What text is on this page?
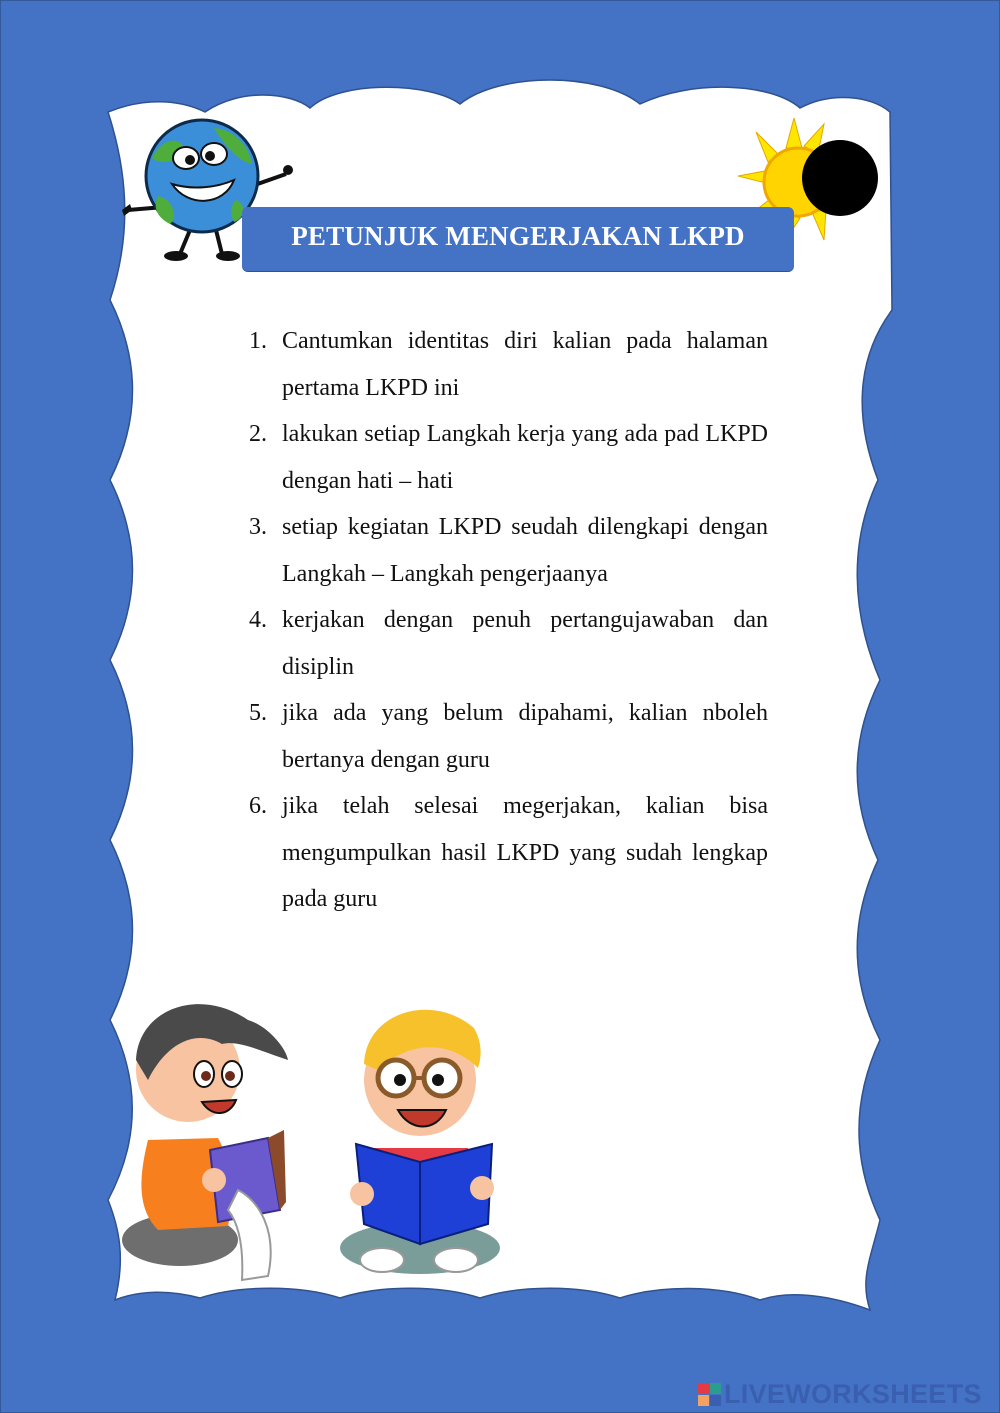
PETUNJUK MENGERJAKAN LKPD
1. Cantumkan identitas diri kalian pada halaman pertama LKPD ini
2. lakukan setiap Langkah kerja yang ada pad LKPD dengan hati – hati
3. setiap kegiatan LKPD seudah dilengkapi dengan Langkah – Langkah pengerjaanya
4. kerjakan dengan penuh pertangujawaban dan disiplin
5. jika ada yang belum dipahami, kalian nboleh bertanya dengan guru
6. jika telah selesai megerjakan, kalian bisa mengumpulkan hasil LKPD yang sudah lengkap pada guru
LIVEWORKSHEETS
